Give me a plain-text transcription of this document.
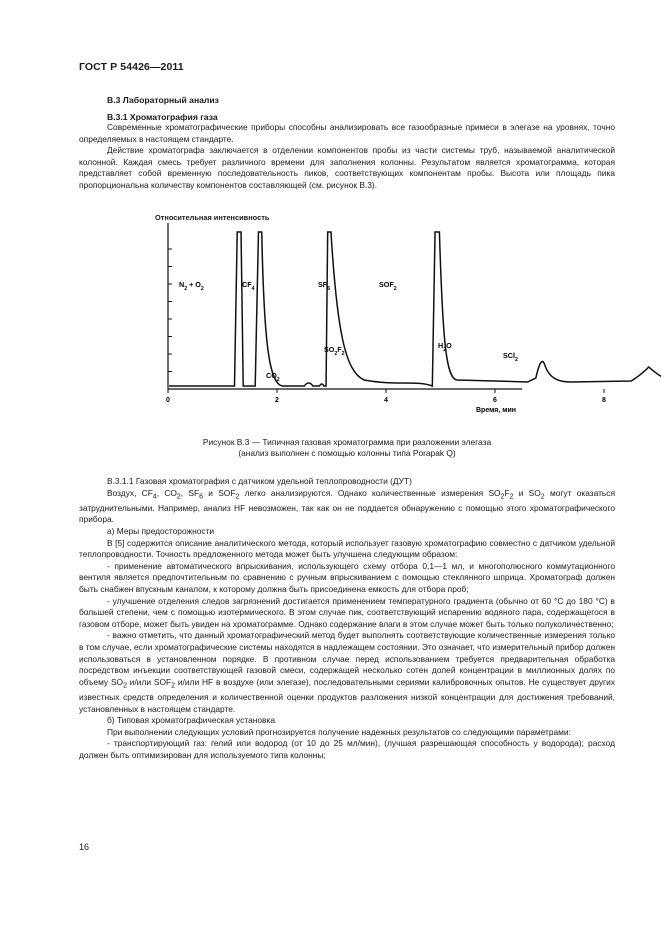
ГОСТ Р 54426—2011
В.3 Лабораторный анализ
В.3.1 Хроматография газа

Современные хроматографические приборы способны анализировать все газообразные примеси в элегазе на уровнях, точно определяемых в настоящем стандарте.

Действие хроматографа заключается в отделении компонентов пробы из части системы труб, называемой аналитической колонной. Каждая смесь требует различного времени для заполнения колонны. Результатом является хроматограмма, которая представляет собой временную последовательность пиков, соответствующих компонентам пробы. Высота или площадь пика пропорциональна количеству компонентов составляющей (см. рисунок В.3).

Относительная интенсивность
0	2	4	6	8
N2 + O2	CF4
CO2
SF6
SO2F2
SOF2
H2O
SCl2
Время, мин
Рисунок В.3 — Типичная газовая хроматограмма при разложении элегаза
(анализ выполнен с помощью колонны типа Porapak Q)

В.3.1.1 Газовая хроматография с датчиком удельной теплопроводности (ДУТ)

Воздух, $CF_4$, $CO_2$, $SF_6$ и $SOF_2$ легко анализируются. Однако количественные измерения $SO_2F_2$ и $SO_2$ могут оказаться затруднительными. Например, анализ HF невозможен, так как он не поддается обнаружению с помощью этого хроматографического прибора.

а) Меры предосторожности

В [5] содержится описание аналитического метода, который использует газовую хроматографию совместно с датчиком удельной теплопроводности. Точность предложенного метода может быть улучшена следующим образом:

- применение автоматического впрыскивания, использующего схему отбора 0,1—1 мл, и многополюсного коммутационного вентиля является предпочтительным по сравнению с ручным впрыскиванием с помощью стеклянного шприца. Хроматограф должен быть снабжен впускным каналом, к которому должна быть присоединена емкость для отбора проб;

- улучшение отделения следов загрязнений достигается применением температурного градиента (обычно от 60 °С до 180 °С) в большей степени, чем с помощью изотермического. В этом случае пик, соответствующий испарению водяного пара, содержащегося в газовом отборе, может быть увиден на хроматограмме. Однако содержание влаги в этом случае может быть только полуколичественно;

- важно отметить, что данный хроматографический метод будет выполнять соответствующие количественные измерения только в том случае, если хроматографические системы находятся в надлежащем состоянии. Это означает, что измерительный прибор должен использоваться в установленном порядке. В противном случае перед использованием требуется предварительная обработка посредством инъекции соответствующей газовой смеси, содержащей несколько сотен долей концентрации в миллионных долях по объему $SO_2$ и/или $SOF_2$ и/или HF в воздухе (или элегазе), последовательными сериями калибровочных опытов. Не существует других известных средств определения и количественной оценки продуктов разложения низкой концентрации для достижения требований, установленных в настоящем стандарте.

б) Типовая хроматографическая установка

При выполнении следующих условий прогнозируется получение надежных результатов со следующими параметрами:

- транспортирующий газ: гелий или водород (от 10 до 25 мл/мин), (лучшая разрешающая способность у водорода); расход должен быть оптимизирован для используемого типа колонны;

16
